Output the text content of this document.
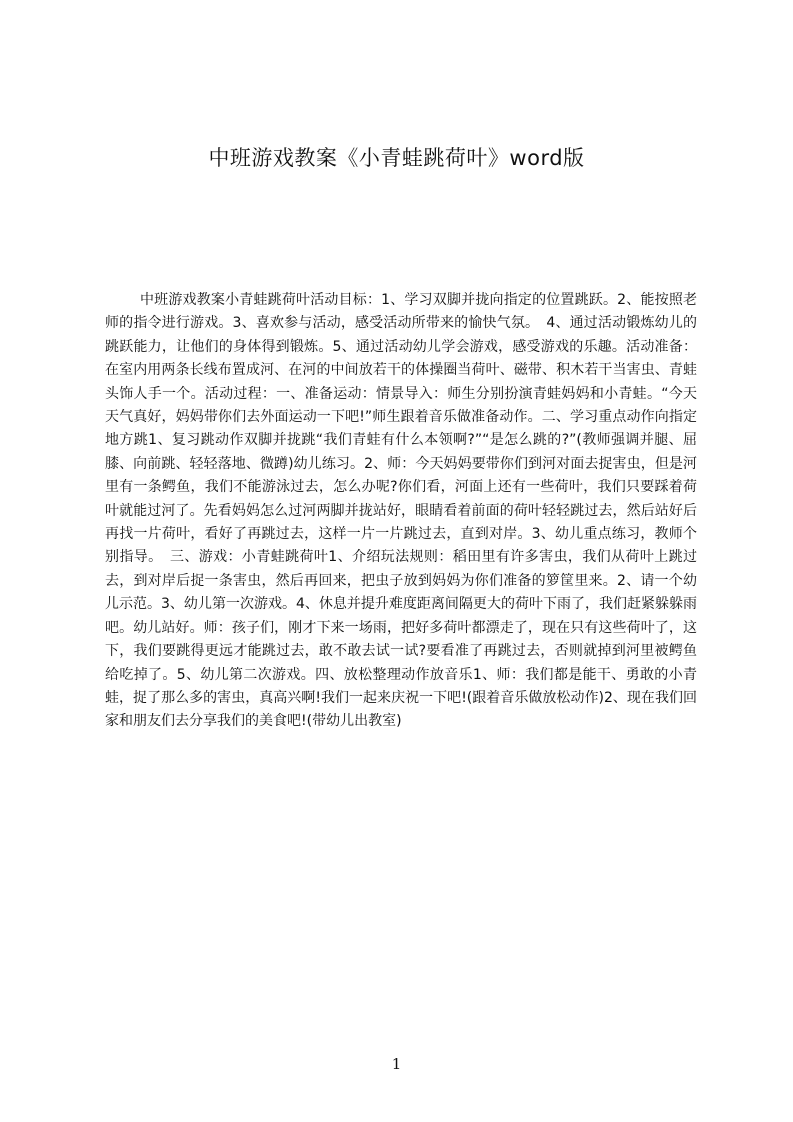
中班游戏教案《小青蛙跳荷叶》word版
中班游戏教案小青蛙跳荷叶活动目标：1、学习双脚并拢向指定的位置跳跃。2、能按照老师的指令进行游戏。3、喜欢参与活动，感受活动所带来的愉快气氛。　4、通过活动锻炼幼儿的跳跃能力，让他们的身体得到锻炼。5、通过活动幼儿学会游戏，感受游戏的乐趣。活动准备：在室内用两条长线布置成河、在河的中间放若干的体操圈当荷叶、磁带、积木若干当害虫、青蛙头饰人手一个。活动过程：一、准备运动：情景导入：师生分别扮演青蛙妈妈和小青蛙。“今天天气真好，妈妈带你们去外面运动一下吧!”师生跟着音乐做准备动作。二、学习重点动作向指定地方跳1、复习跳动作双脚并拢跳“我们青蛙有什么本领啊?”“是怎么跳的?”(教师强调并腿、屈膝、向前跳、轻轻落地、微蹲)幼儿练习。2、师：今天妈妈要带你们到河对面去捉害虫，但是河里有一条鳄鱼，我们不能游泳过去，怎么办呢?你们看，河面上还有一些荷叶，我们只要踩着荷叶就能过河了。先看妈妈怎么过河两脚并拢站好，眼睛看着前面的荷叶轻轻跳过去，然后站好后再找一片荷叶，看好了再跳过去，这样一片一片跳过去，直到对岸。3、幼儿重点练习，教师个别指导。　三、游戏：小青蛙跳荷叶1、介绍玩法规则：稻田里有许多害虫，我们从荷叶上跳过去，到对岸后捉一条害虫，然后再回来，把虫子放到妈妈为你们准备的箩筐里来。2、请一个幼儿示范。3、幼儿第一次游戏。4、休息并提升难度距离间隔更大的荷叶下雨了，我们赶紧躲躲雨吧。幼儿站好。师：孩子们，刚才下来一场雨，把好多荷叶都漂走了，现在只有这些荷叶了，这下，我们要跳得更远才能跳过去，敢不敢去试一试?要看准了再跳过去，否则就掉到河里被鳄鱼给吃掉了。5、幼儿第二次游戏。四、放松整理动作放音乐1、师：我们都是能干、勇敢的小青蛙，捉了那么多的害虫，真高兴啊!我们一起来庆祝一下吧!(跟着音乐做放松动作)2、现在我们回家和朋友们去分享我们的美食吧!(带幼儿出教室)
1
